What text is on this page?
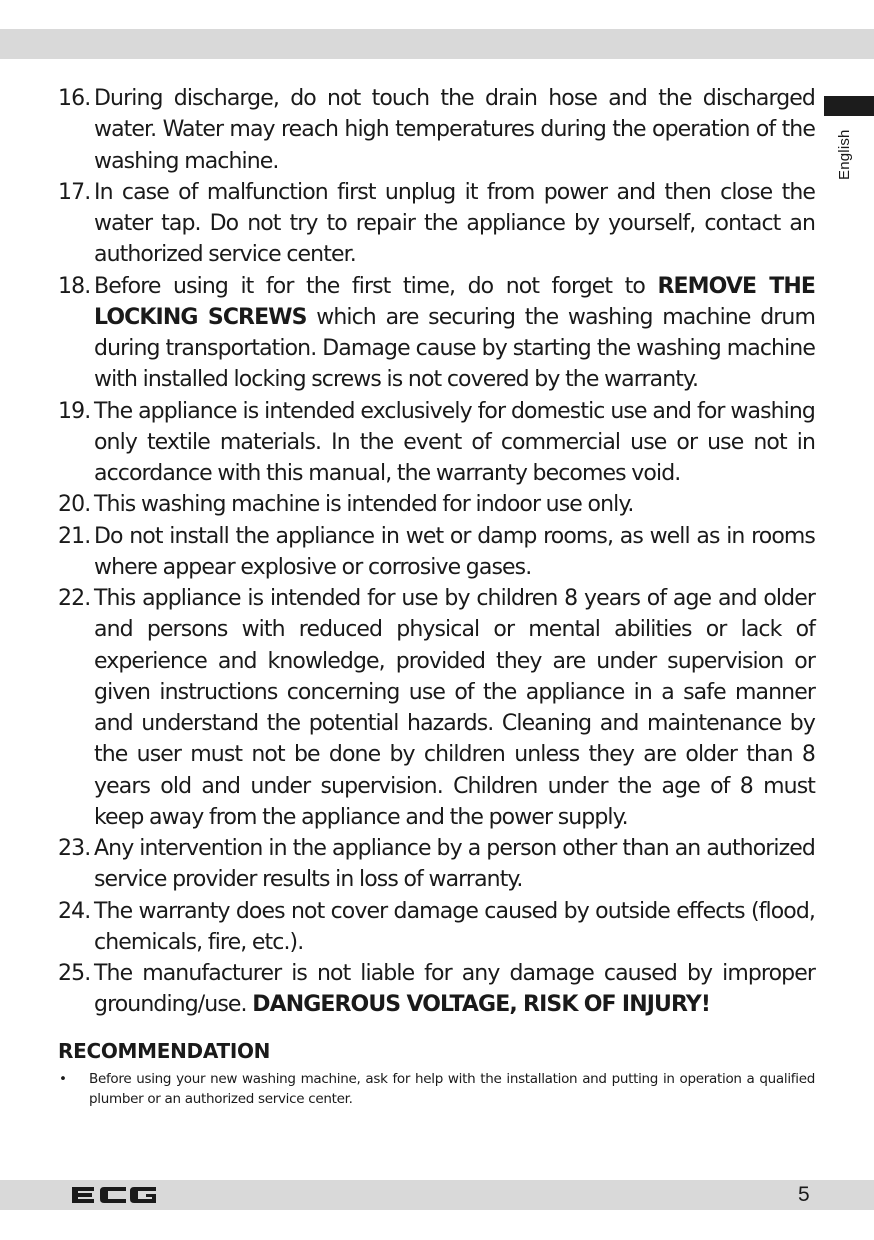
English
16. During discharge, do not touch the drain hose and the discharged water. Water may reach high temperatures during the operation of the washing machine.
17. In case of malfunction first unplug it from power and then close the water tap. Do not try to repair the appliance by yourself, contact an authorized service center.
18. Before using it for the first time, do not forget to REMOVE THE LOCKING SCREWS which are securing the washing machine drum during transportation. Damage cause by starting the washing machine with installed locking screws is not covered by the warranty.
19. The appliance is intended exclusively for domestic use and for washing only textile materials. In the event of commercial use or use not in accordance with this manual, the warranty becomes void.
20. This washing machine is intended for indoor use only.
21. Do not install the appliance in wet or damp rooms, as well as in rooms where appear explosive or corrosive gases.
22. This appliance is intended for use by children 8 years of age and older and persons with reduced physical or mental abilities or lack of experience and knowledge, provided they are under supervision or given instructions concerning use of the appliance in a safe manner and understand the potential hazards. Cleaning and maintenance by the user must not be done by children unless they are older than 8 years old and under supervision. Children under the age of 8 must keep away from the appliance and the power supply.
23. Any intervention in the appliance by a person other than an authorized service provider results in loss of warranty.
24. The warranty does not cover damage caused by outside effects (flood, chemicals, fire, etc.).
25. The manufacturer is not liable for any damage caused by improper grounding/use. DANGEROUS VOLTAGE, RISK OF INJURY!
RECOMMENDATION
• Before using your new washing machine, ask for help with the installation and putting in operation a qualified plumber or an authorized service center.
5
